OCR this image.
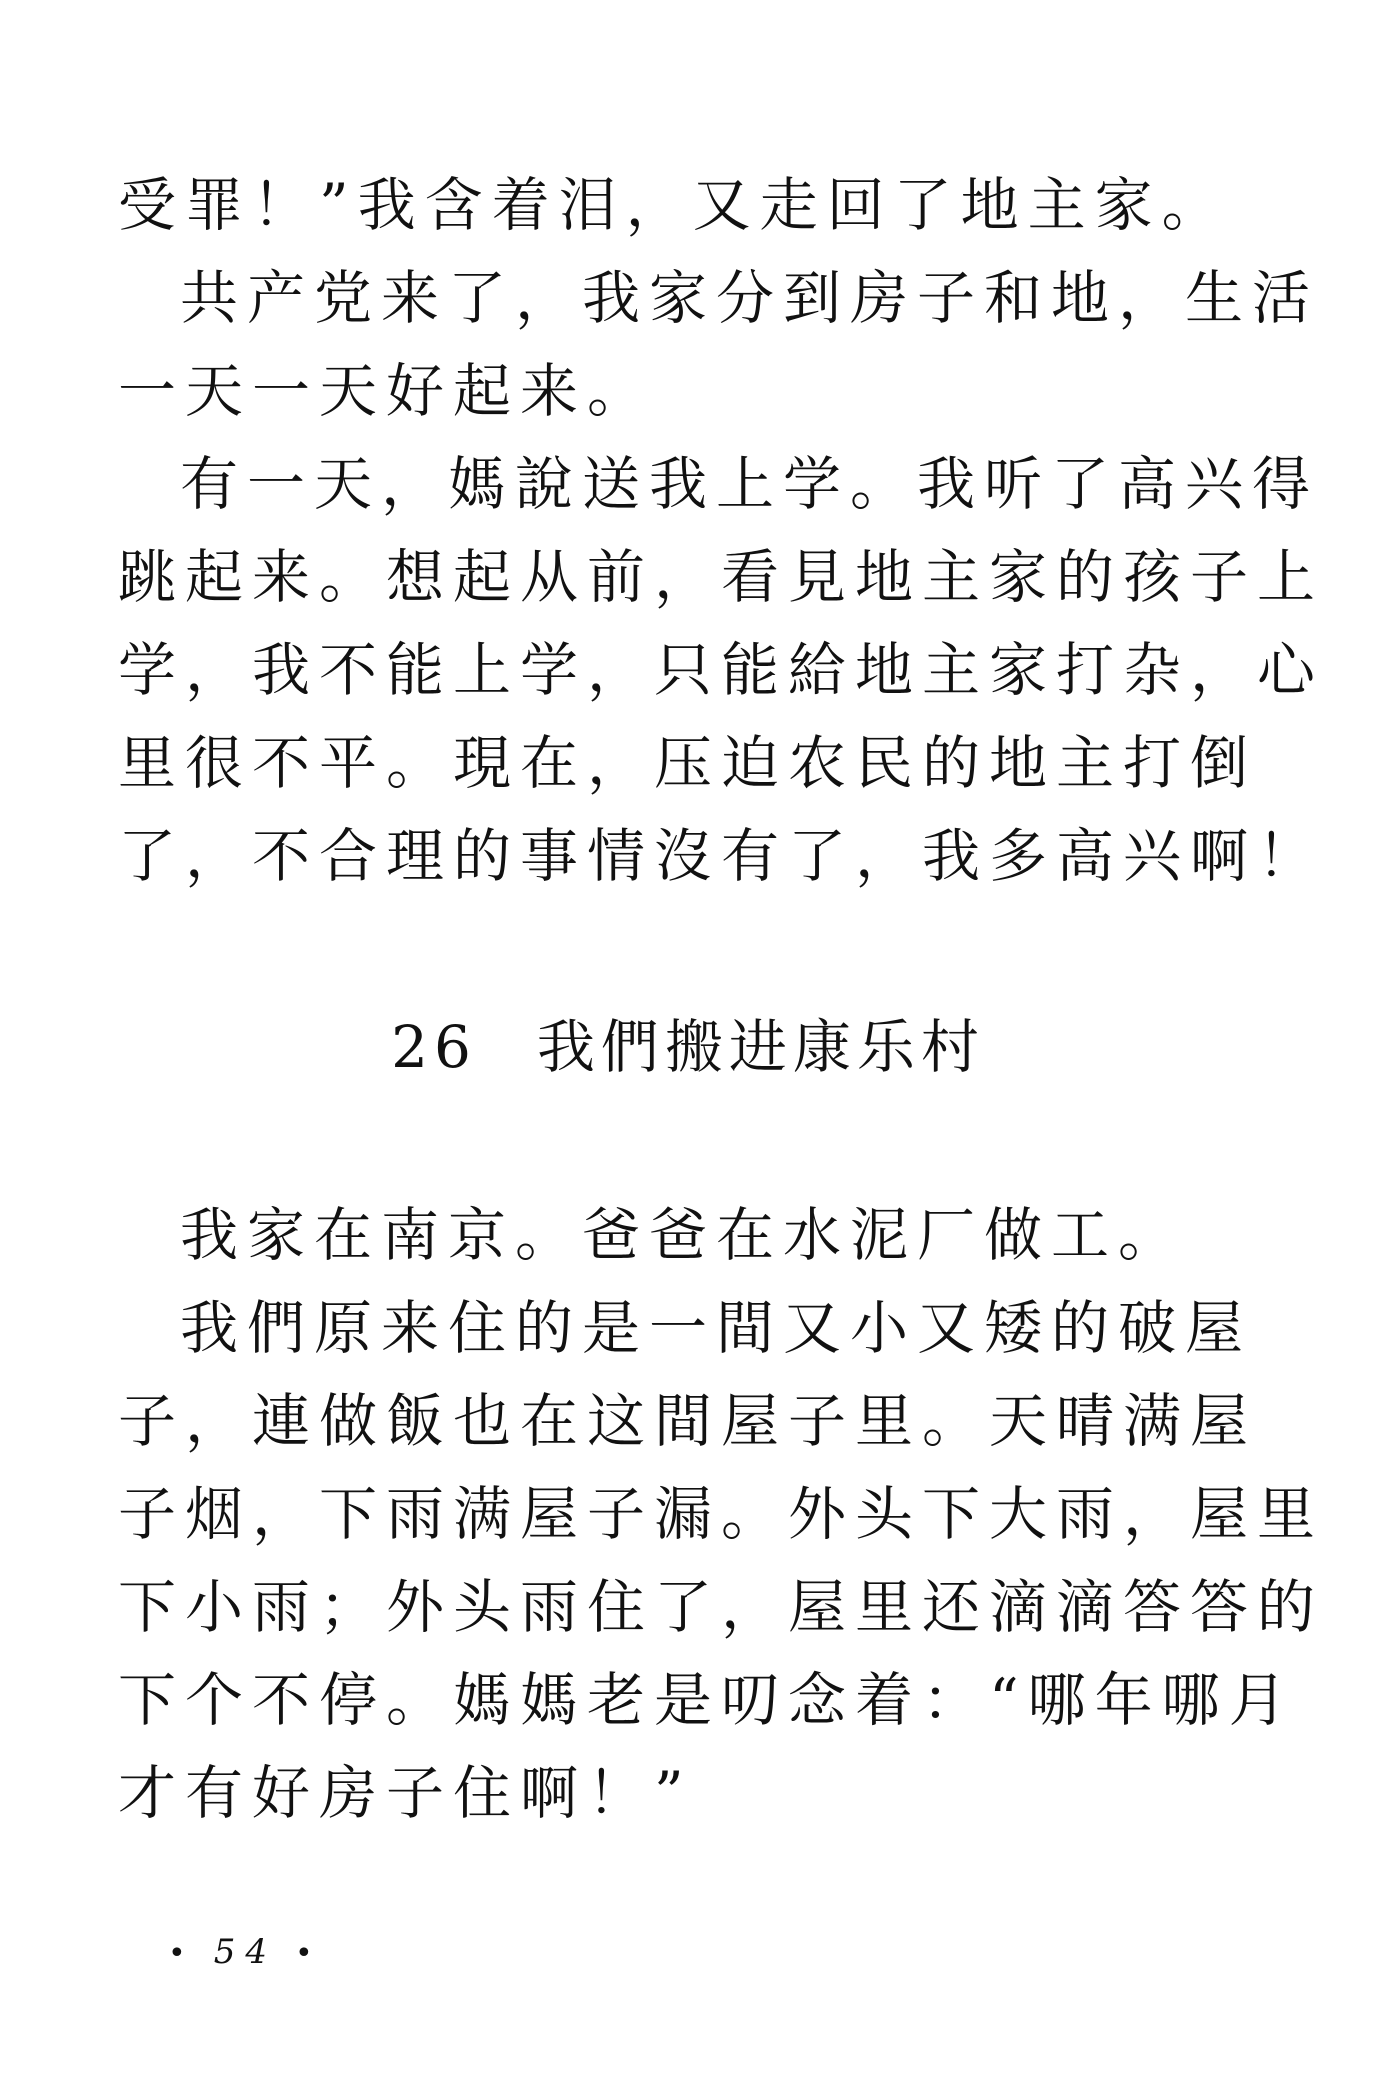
受罪！”我含着泪，又走回了地主家。
共产党来了，我家分到房子和地，生活
一天一天好起来。
有一天，媽說送我上学。我听了高兴得
跳起来。想起从前，看見地主家的孩子上
学，我不能上学，只能給地主家打杂，心
里很不平。現在，压迫农民的地主打倒
了，不合理的事情沒有了，我多高兴啊！
26 我們搬进康乐村
我家在南京。爸爸在水泥厂做工。
我們原来住的是一間又小又矮的破屋
子，連做飯也在这間屋子里。天晴满屋
子烟，下雨满屋子漏。外头下大雨，屋里
下小雨；外头雨住了，屋里还滴滴答答的
下个不停。媽媽老是叨念着：“哪年哪月
才有好房子住啊！”
• 54 •
